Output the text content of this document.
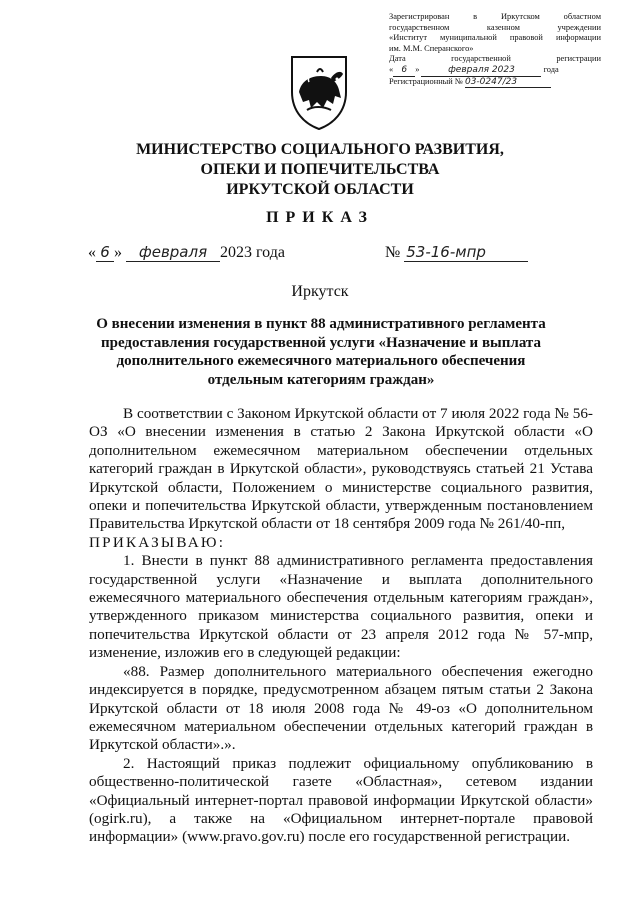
Зарегистрирован в Иркутском областном
государственном казенном учреждении
«Институт муниципальной правовой информации
им. М.М. Сперанского»
Дата государственной регистрации
« 6 »	февраля 2023	года
Регистрационный № 03-0247/23
МИНИСТЕРСТВО СОЦИАЛЬНОГО РАЗВИТИЯ,
ОПЕКИ И ПОПЕЧИТЕЛЬСТВА
ИРКУТСКОЙ ОБЛАСТИ
ПРИКАЗ
« 6 » февраля 2023 года	№ 53-16-мпр
Иркутск
О внесении изменения в пункт 88 административного регламента предоставления государственной услуги «Назначение и выплата дополнительного ежемесячного материального обеспечения отдельным категориям граждан»

В соответствии с Законом Иркутской области от 7 июля 2022 года № 56-ОЗ «О внесении изменения в статью 2 Закона Иркутской области «О дополнительном ежемесячном материальном обеспечении отдельных категорий граждан в Иркутской области», руководствуясь статьей 21 Устава Иркутской области, Положением о министерстве социального развития, опеки и попечительства Иркутской области, утвержденным постановлением Правительства Иркутской области от 18 сентября 2009 года № 261/40-пп,

ПРИКАЗЫВАЮ:

1. Внести в пункт 88 административного регламента предоставления государственной услуги «Назначение и выплата дополнительного ежемесячного материального обеспечения отдельным категориям граждан», утвержденного приказом министерства социального развития, опеки и попечительства Иркутской области от 23 апреля 2012 года № 57-мпр, изменение, изложив его в следующей редакции:

«88. Размер дополнительного материального обеспечения ежегодно индексируется в порядке, предусмотренном абзацем пятым статьи 2 Закона Иркутской области от 18 июля 2008 года № 49-оз «О дополнительном ежемесячном материальном обеспечении отдельных категорий граждан в Иркутской области».».

2. Настоящий приказ подлежит официальному опубликованию в общественно-политической газете «Областная», сетевом издании «Официальный интернет-портал правовой информации Иркутской области» (ogirk.ru), а также на «Официальном интернет-портале правовой информации» (www.pravo.gov.ru) после его государственной регистрации.
